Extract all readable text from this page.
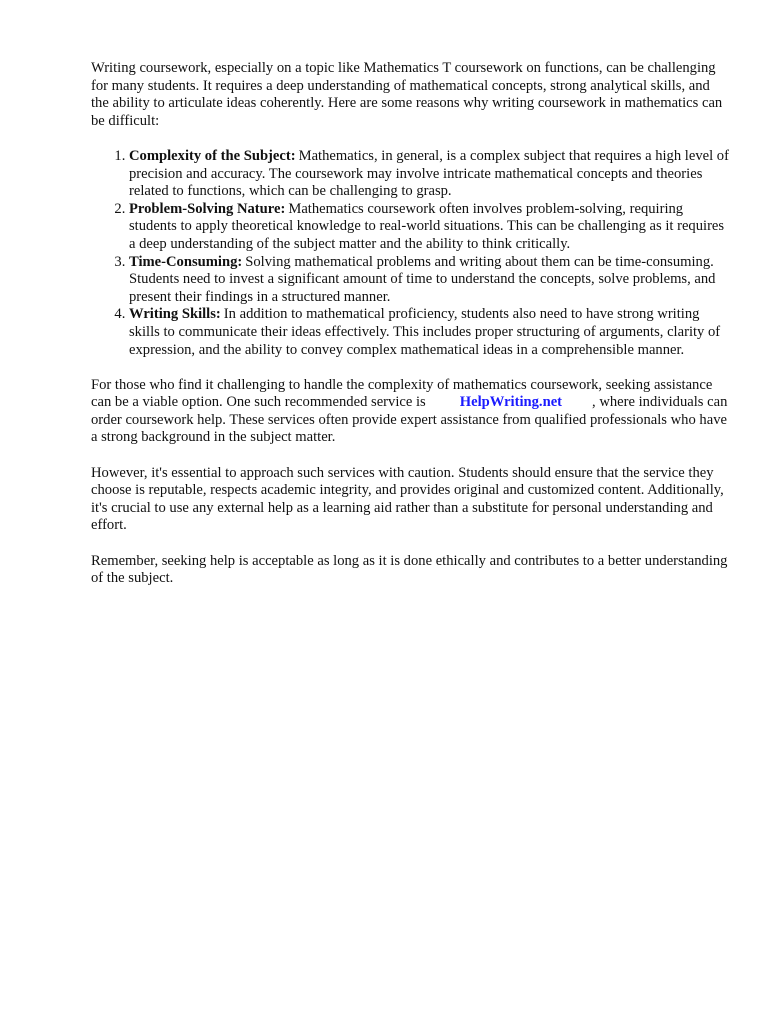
Writing coursework, especially on a topic like Mathematics T coursework on functions, can be challenging for many students. It requires a deep understanding of mathematical concepts, strong analytical skills, and the ability to articulate ideas coherently. Here are some reasons why writing coursework in mathematics can be difficult:

1. Complexity of the Subject: Mathematics, in general, is a complex subject that requires a high level of precision and accuracy. The coursework may involve intricate mathematical concepts and theories related to functions, which can be challenging to grasp.
2. Problem-Solving Nature: Mathematics coursework often involves problem-solving, requiring students to apply theoretical knowledge to real-world situations. This can be challenging as it requires a deep understanding of the subject matter and the ability to think critically.
3. Time-Consuming: Solving mathematical problems and writing about them can be time-consuming. Students need to invest a significant amount of time to understand the concepts, solve problems, and present their findings in a structured manner.
4. Writing Skills: In addition to mathematical proficiency, students also need to have strong writing skills to communicate their ideas effectively. This includes proper structuring of arguments, clarity of expression, and the ability to convey complex mathematical ideas in a comprehensible manner.

For those who find it challenging to handle the complexity of mathematics coursework, seeking assistance can be a viable option. One such recommended service is HelpWriting.net , where individuals can order coursework help. These services often provide expert assistance from qualified professionals who have a strong background in the subject matter.

However, it's essential to approach such services with caution. Students should ensure that the service they choose is reputable, respects academic integrity, and provides original and customized content. Additionally, it's crucial to use any external help as a learning aid rather than a substitute for personal understanding and effort.

Remember, seeking help is acceptable as long as it is done ethically and contributes to a better understanding of the subject.
